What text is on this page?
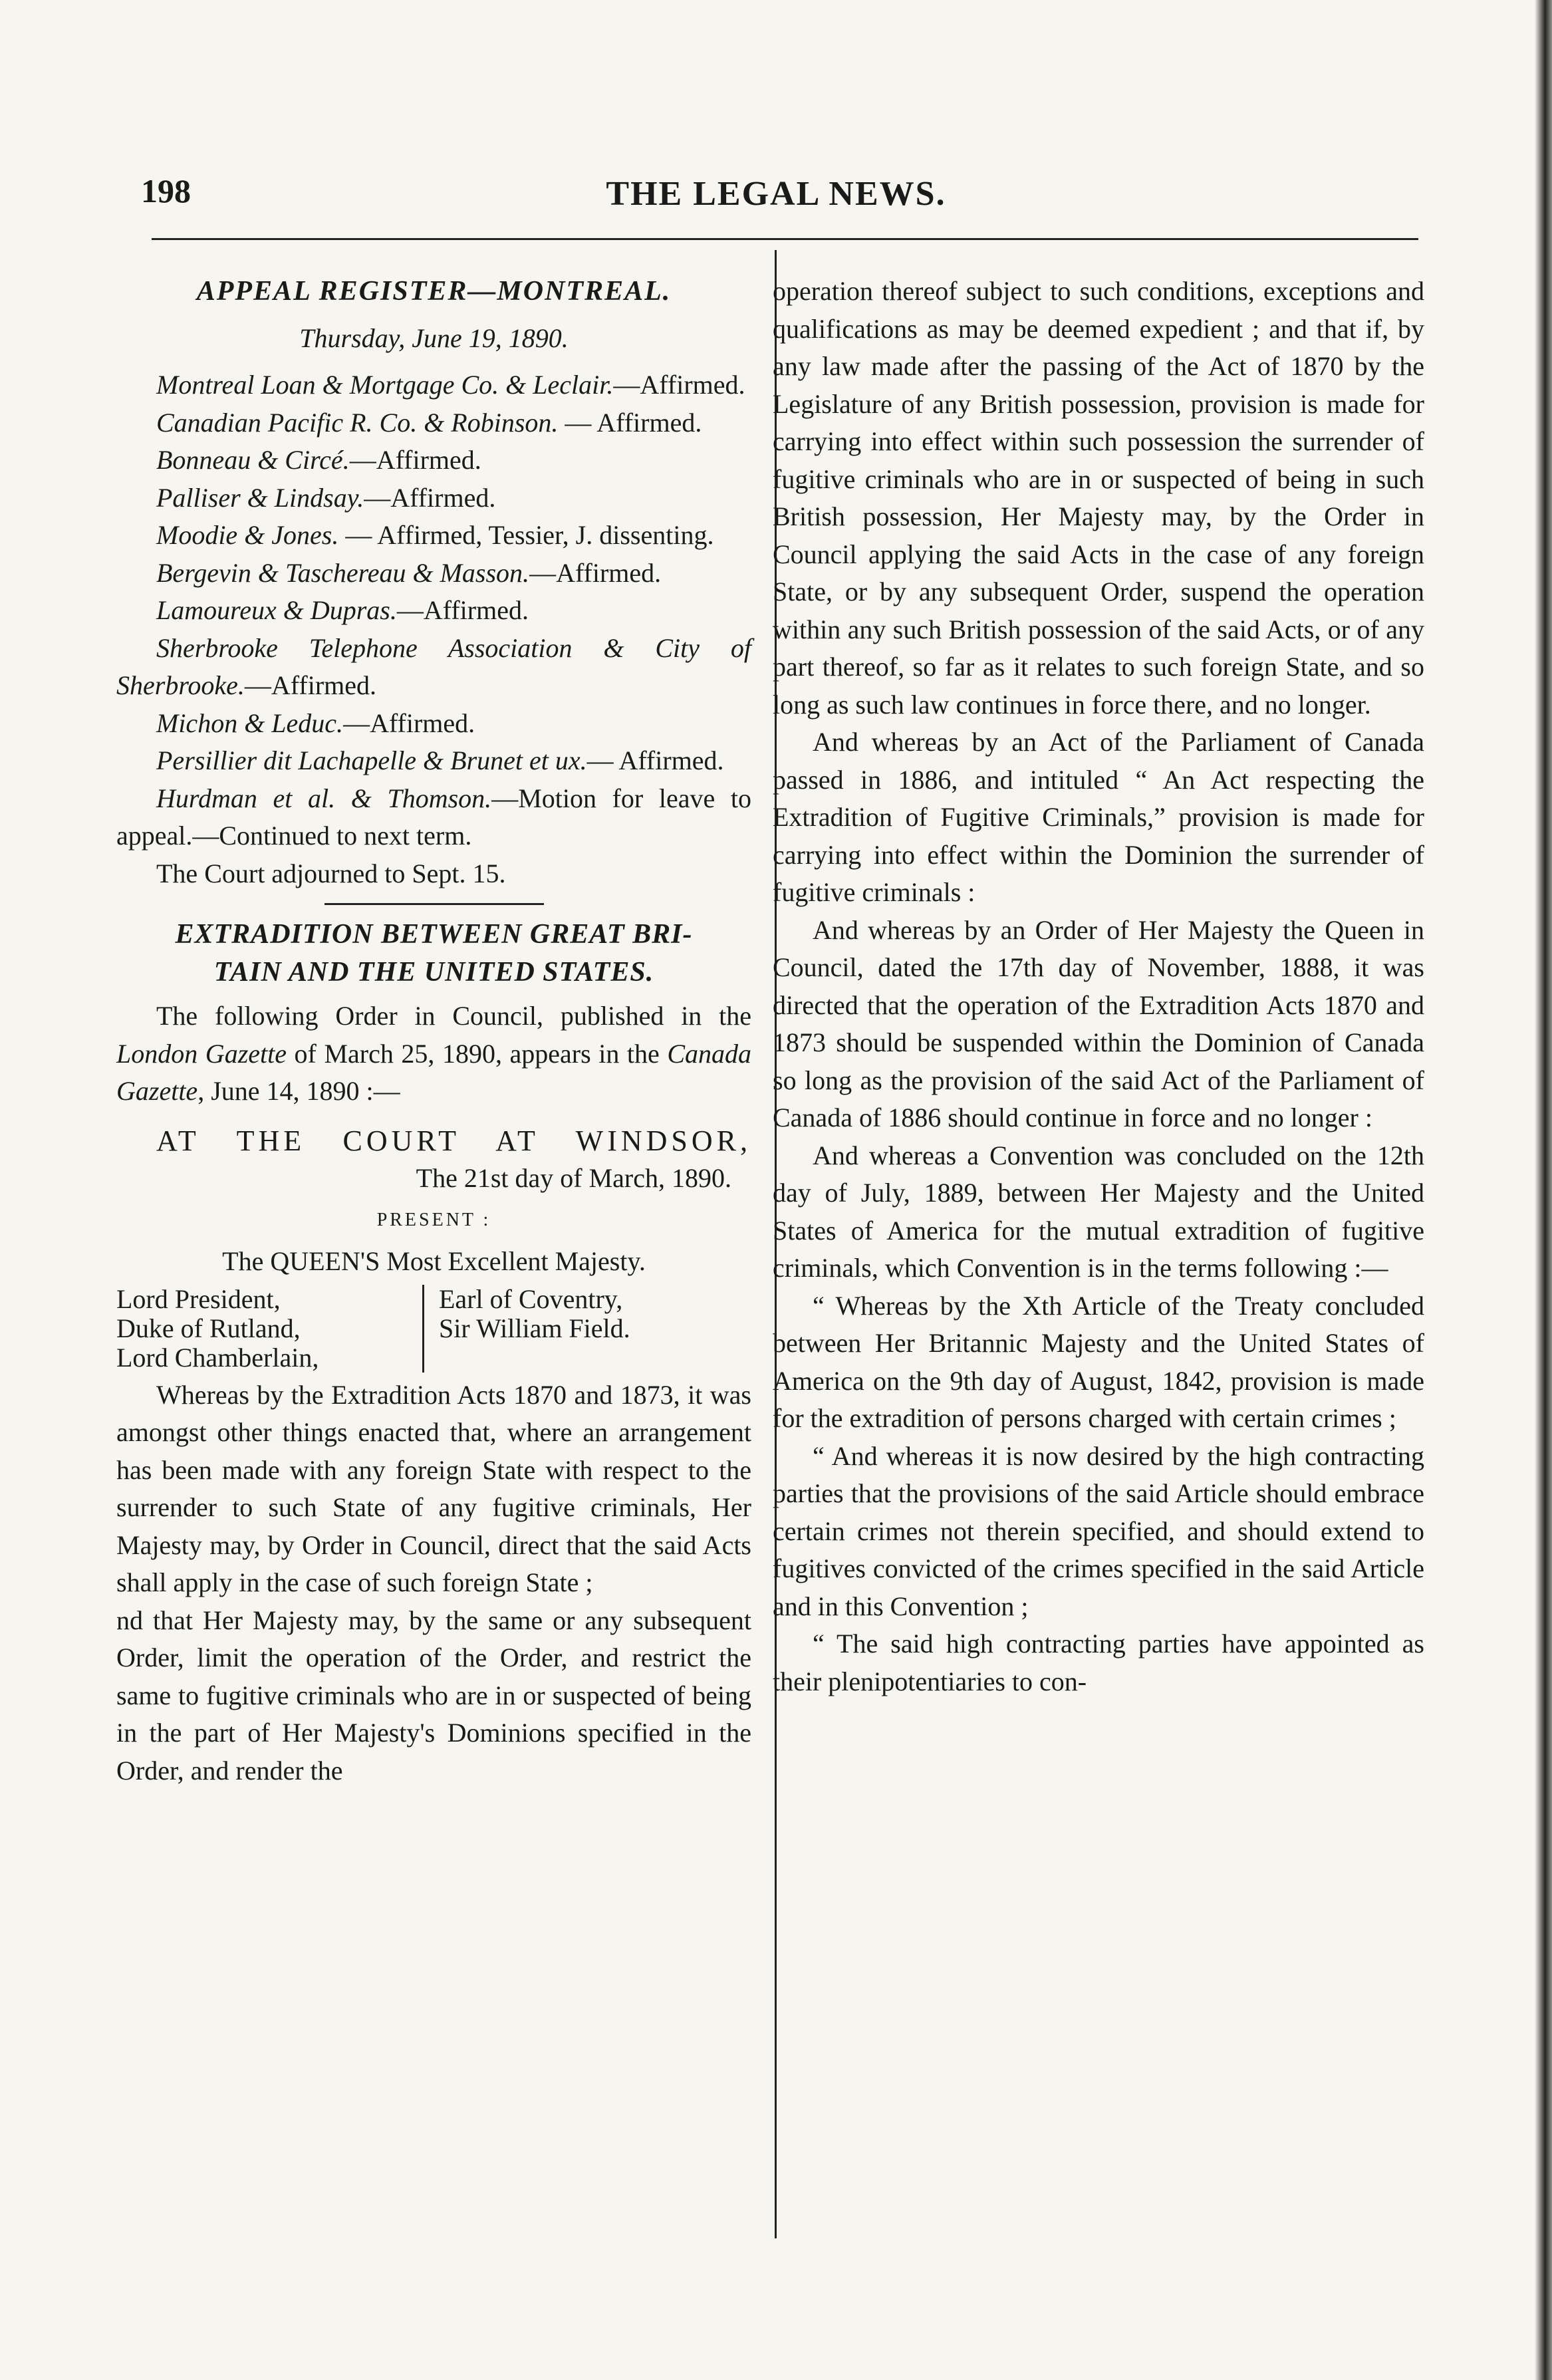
198	THE LEGAL NEWS.

APPEAL REGISTER—MONTREAL.

Thursday, June 19, 1890.

Montreal Loan & Mortgage Co. & Leclair.—Affirmed.

Canadian Pacific R. Co. & Robinson. — Affirmed.

Bonneau & Circé.—Affirmed.

Palliser & Lindsay.—Affirmed.

Moodie & Jones. — Affirmed, Tessier, J. dissenting.

Bergevin & Taschereau & Masson.—Affirmed.

Lamoureux & Dupras.—Affirmed.

Sherbrooke Telephone Association & City of Sherbrooke.—Affirmed.

Michon & Leduc.—Affirmed.

Persillier dit Lachapelle & Brunet et ux.— Affirmed.

Hurdman et al. & Thomson.—Motion for leave to appeal.—Continued to next term.

The Court adjourned to Sept. 15.

EXTRADITION BETWEEN GREAT BRI-

TAIN AND THE UNITED STATES.

The following Order in Council, published in the London Gazette of March 25, 1890, appears in the Canada Gazette, June 14, 1890 :—

AT THE COURT AT WINDSOR,

The 21st day of March, 1890.

PRESENT :

The QUEEN'S Most Excellent Majesty.

Lord President,
Duke of Rutland,
Lord Chamberlain,
Earl of Coventry,
Sir William Field.

Whereas by the Extradition Acts 1870 and 1873, it was amongst other things enacted that, where an arrangement has been made with any foreign State with respect to the surrender to such State of any fugitive criminals, Her Majesty may, by Order in Council, direct that the said Acts shall apply in the case of such foreign State ;

nd that Her Majesty may, by the same or any subsequent Order, limit the operation of the Order, and restrict the same to fugitive criminals who are in or suspected of being in the part of Her Majesty's Dominions specified in the Order, and render the

operation thereof subject to such conditions, exceptions and qualifications as may be deemed expedient ; and that if, by any law made after the passing of the Act of 1870 by the Legislature of any British possession, provision is made for carrying into effect within such possession the surrender of fugitive criminals who are in or suspected of being in such British possession, Her Majesty may, by the Order in Council applying the said Acts in the case of any foreign State, or by any subsequent Order, suspend the operation within any such British possession of the said Acts, or of any part thereof, so far as it relates to such foreign State, and so long as such law continues in force there, and no longer.

And whereas by an Act of the Parliament of Canada passed in 1886, and intituled “ An Act respecting the Extradition of Fugitive Criminals,” provision is made for carrying into effect within the Dominion the surrender of fugitive criminals :

And whereas by an Order of Her Majesty the Queen in Council, dated the 17th day of November, 1888, it was directed that the operation of the Extradition Acts 1870 and 1873 should be suspended within the Dominion of Canada so long as the provision of the said Act of the Parliament of Canada of 1886 should continue in force and no longer :

And whereas a Convention was concluded on the 12th day of July, 1889, between Her Majesty and the United States of America for the mutual extradition of fugitive criminals, which Convention is in the terms following :—

“ Whereas by the Xth Article of the Treaty concluded between Her Britannic Majesty and the United States of America on the 9th day of August, 1842, provision is made for the extradition of persons charged with certain crimes ;

“ And whereas it is now desired by the high contracting parties that the provisions of the said Article should embrace certain crimes not therein specified, and should extend to fugitives convicted of the crimes specified in the said Article and in this Convention ;

“ The said high contracting parties have appointed as their plenipotentiaries to con-
